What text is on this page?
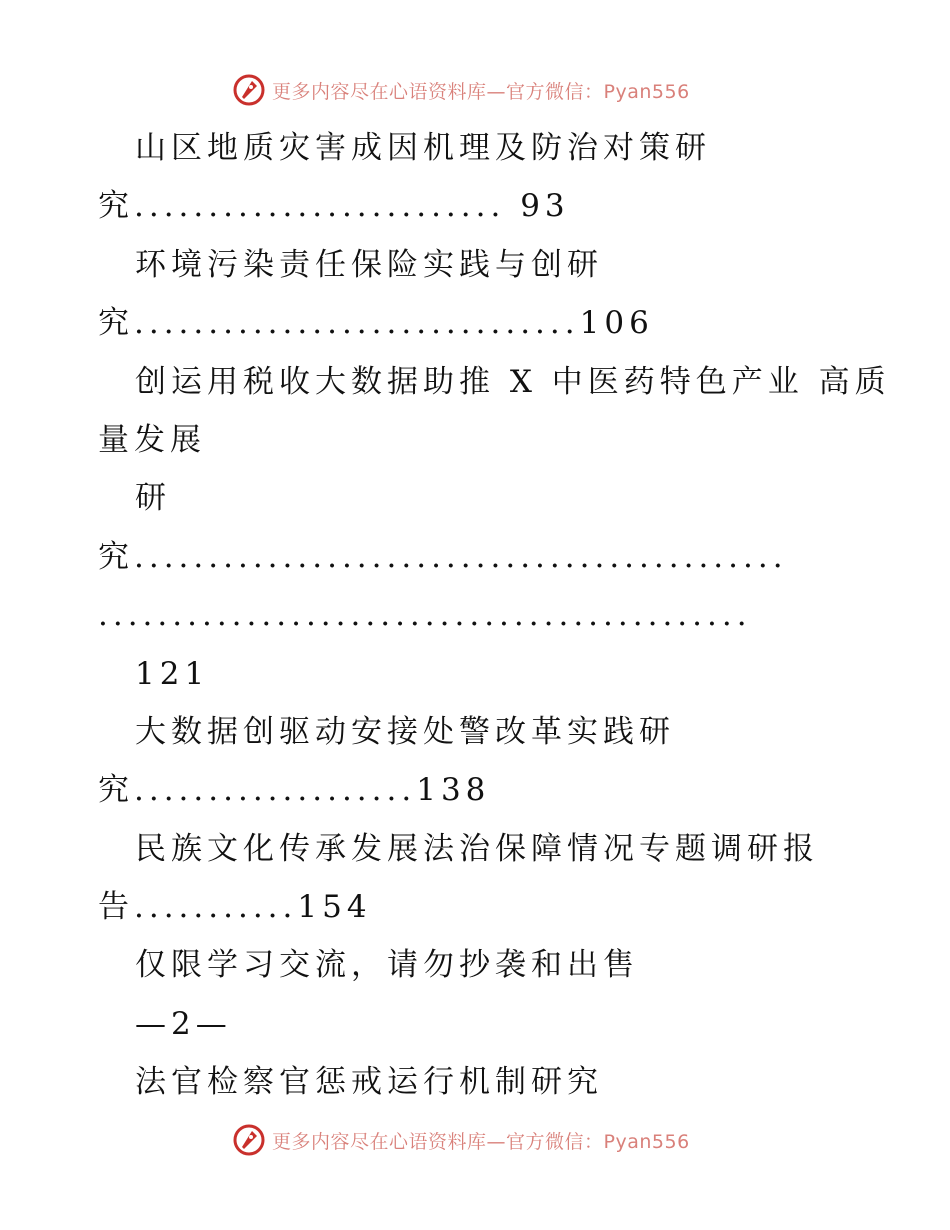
更多内容尽在心语资料库—官方微信：Pyan556
山区地质灾害成因机理及防治对策研
究......................... 93
环境污染责任保险实践与创研
究..............................106
创运用税收大数据助推 X 中医药特色产业 高质
量发展
研
究............................................
............................................
121
大数据创驱动安接处警改革实践研
究...................138
民族文化传承发展法治保障情况专题调研报
告...........154
仅限学习交流，请勿抄袭和出售
—2—
法官检察官惩戒运行机制研究
更多内容尽在心语资料库—官方微信：Pyan556
